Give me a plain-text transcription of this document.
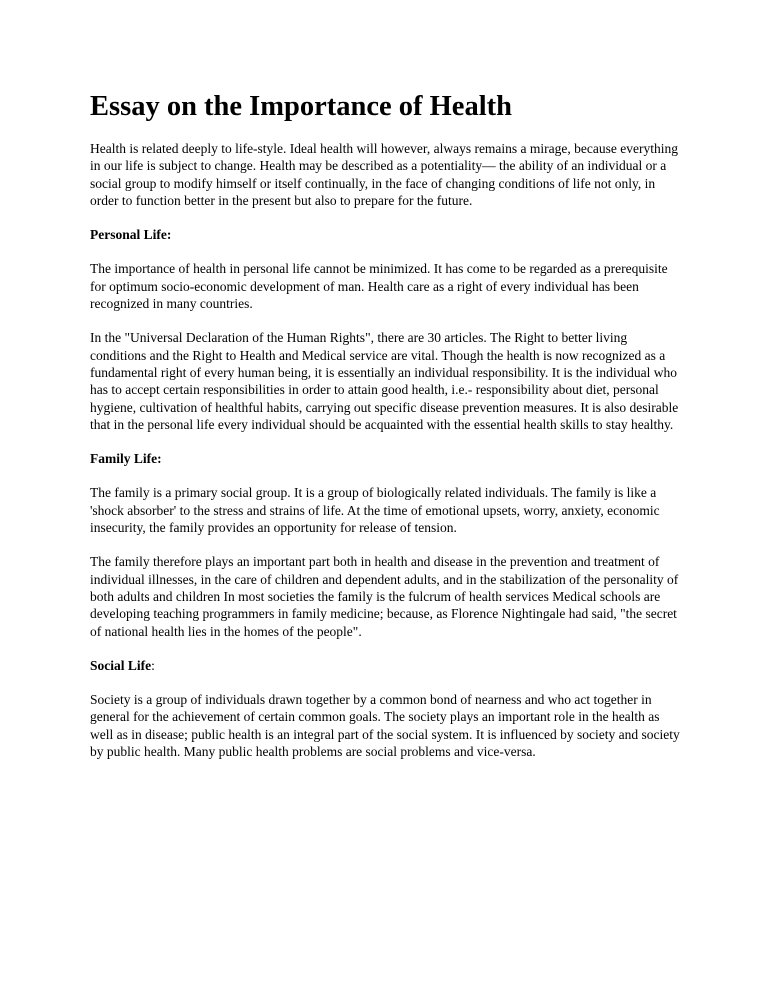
Essay on the Importance of Health

Health is related deeply to life-style. Ideal health will however, always remains a mirage, because everything in our life is subject to change. Health may be described as a potentiality— the ability of an individual or a social group to modify himself or itself continually, in the face of changing conditions of life not only, in order to function better in the present but also to prepare for the future.

Personal Life:

The importance of health in personal life cannot be minimized. It has come to be regarded as a prerequisite for optimum socio-economic development of man. Health care as a right of every individual has been recognized in many countries.

In the "Universal Declaration of the Human Rights", there are 30 articles. The Right to better living conditions and the Right to Health and Medical service are vital. Though the health is now recognized as a fundamental right of every human being, it is essentially an individual responsibility. It is the individual who has to accept certain responsibilities in order to attain good health, i.e.- responsibility about diet, personal hygiene, cultivation of healthful habits, carrying out specific disease prevention measures. It is also desirable that in the personal life every individual should be acquainted with the essential health skills to stay healthy.

Family Life:

The family is a primary social group. It is a group of biologically related individuals. The family is like a 'shock absorber' to the stress and strains of life. At the time of emotional upsets, worry, anxiety, economic insecurity, the family provides an opportunity for release of tension.

The family therefore plays an important part both in health and disease in the prevention and treatment of individual illnesses, in the care of children and dependent adults, and in the stabilization of the personality of both adults and children In most societies the family is the fulcrum of health services Medical schools are developing teaching programmers in family medicine; because, as Florence Nightingale had said, "the secret of national health lies in the homes of the people".

Social Life:

Society is a group of individuals drawn together by a common bond of nearness and who act together in general for the achievement of certain common goals. The society plays an important role in the health as well as in disease; public health is an integral part of the social system. It is influenced by society and society by public health. Many public health problems are social problems and vice-versa.
